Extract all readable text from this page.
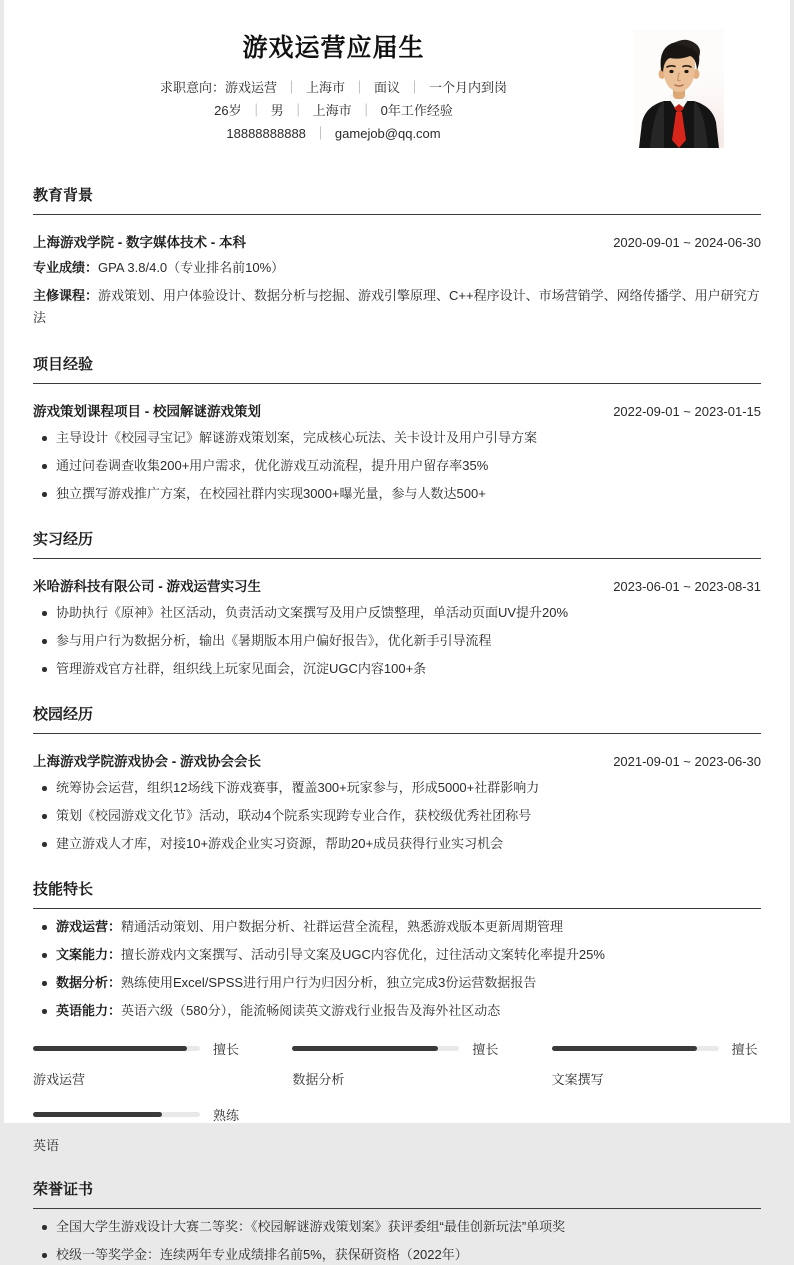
游戏运营应届生
求职意向：游戏运营 ｜ 上海市 ｜ 面议 ｜ 一个月内到岗
26岁 ｜ 男 ｜ 上海市 ｜ 0年工作经验
18888888888 ｜ gamejob@qq.com
教育背景
上海游戏学院 - 数字媒体技术 - 本科	2020-09-01 ~ 2024-06-30
专业成绩：GPA 3.8/4.0（专业排名前10%）
主修课程：游戏策划、用户体验设计、数据分析与挖掘、游戏引擎原理、C++程序设计、市场营销学、网络传播学、用户研究方法
项目经验
游戏策划课程项目 - 校园解谜游戏策划	2022-09-01 ~ 2023-01-15
主导设计《校园寻宝记》解谜游戏策划案，完成核心玩法、关卡设计及用户引导方案
通过问卷调查收集200+用户需求，优化游戏互动流程，提升用户留存率35%
独立撰写游戏推广方案，在校园社群内实现3000+曝光量，参与人数达500+
实习经历
米哈游科技有限公司 - 游戏运营实习生	2023-06-01 ~ 2023-08-31
协助执行《原神》社区活动，负责活动文案撰写及用户反馈整理，单活动页面UV提升20%
参与用户行为数据分析，输出《暑期版本用户偏好报告》，优化新手引导流程
管理游戏官方社群，组织线上玩家见面会，沉淀UGC内容100+条
校园经历
上海游戏学院游戏协会 - 游戏协会会长	2021-09-01 ~ 2023-06-30
统筹协会运营，组织12场线下游戏赛事，覆盖300+玩家参与，形成5000+社群影响力
策划《校园游戏文化节》活动，联动4个院系实现跨专业合作，获校级优秀社团称号
建立游戏人才库，对接10+游戏企业实习资源，帮助20+成员获得行业实习机会
技能特长
游戏运营：精通活动策划、用户数据分析、社群运营全流程，熟悉游戏版本更新周期管理
文案能力：擅长游戏内文案撰写、活动引导文案及UGC内容优化，过往活动文案转化率提升25%
数据分析：熟练使用Excel/SPSS进行用户行为归因分析，独立完成3份运营数据报告
英语能力：英语六级（580分），能流畅阅读英文游戏行业报告及海外社区动态
擅长
游戏运营
擅长
数据分析
擅长
文案撰写
熟练
英语
荣誉证书
全国大学生游戏设计大赛二等奖：《校园解谜游戏策划案》获评委组“最佳创新玩法”单项奖
校级一等奖学金：连续两年专业成绩排名前5%，获保研资格（2022年）
